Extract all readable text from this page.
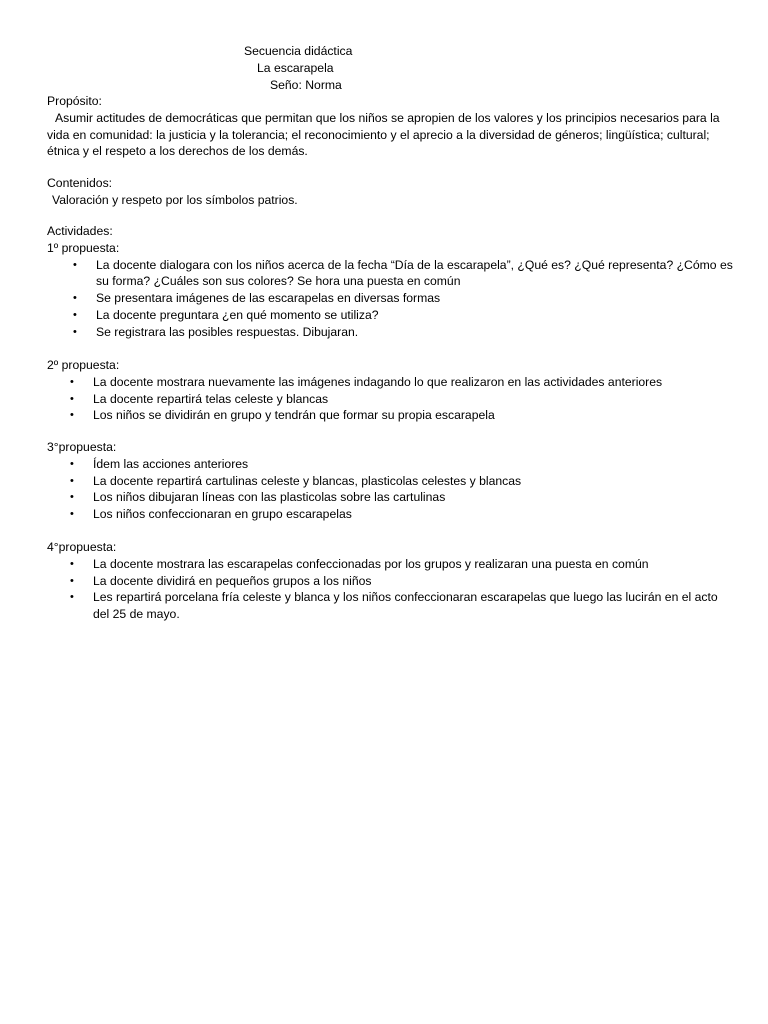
Secuencia didáctica
La escarapela
Seño: Norma
Propósito:
Asumir actitudes de democráticas que permitan que los niños se apropien de los valores y los principios necesarios para la vida en comunidad: la justicia y la tolerancia; el reconocimiento y el aprecio a la diversidad de géneros; lingüística; cultural; étnica y el respeto a los derechos de los demás.
Contenidos:
Valoración y respeto por los símbolos patrios.
Actividades:
1º propuesta:
• La docente dialogara con los niños acerca de la fecha “Día de la escarapela”, ¿Qué es? ¿Qué representa? ¿Cómo es su forma? ¿Cuáles son sus colores? Se hora una puesta en común
• Se presentara imágenes de las escarapelas en diversas formas
• La docente preguntara ¿en qué momento se utiliza?
• Se registrara las posibles respuestas. Dibujaran.
2º propuesta:
• La docente mostrara nuevamente las imágenes indagando lo que realizaron en las actividades anteriores
• La docente repartirá telas celeste y blancas
• Los niños se dividirán en grupo y tendrán que formar su propia escarapela
3°propuesta:
• Ídem las acciones anteriores
• La docente repartirá cartulinas celeste y blancas, plasticolas celestes y blancas
• Los niños dibujaran líneas con las plasticolas sobre las cartulinas
• Los niños confeccionaran en grupo escarapelas
4°propuesta:
• La docente mostrara las escarapelas confeccionadas por los grupos y realizaran una puesta en común
• La docente dividirá en pequeños grupos a los niños
• Les repartirá porcelana fría celeste y blanca y los niños confeccionaran escarapelas que luego las lucirán en el acto del 25 de mayo.
